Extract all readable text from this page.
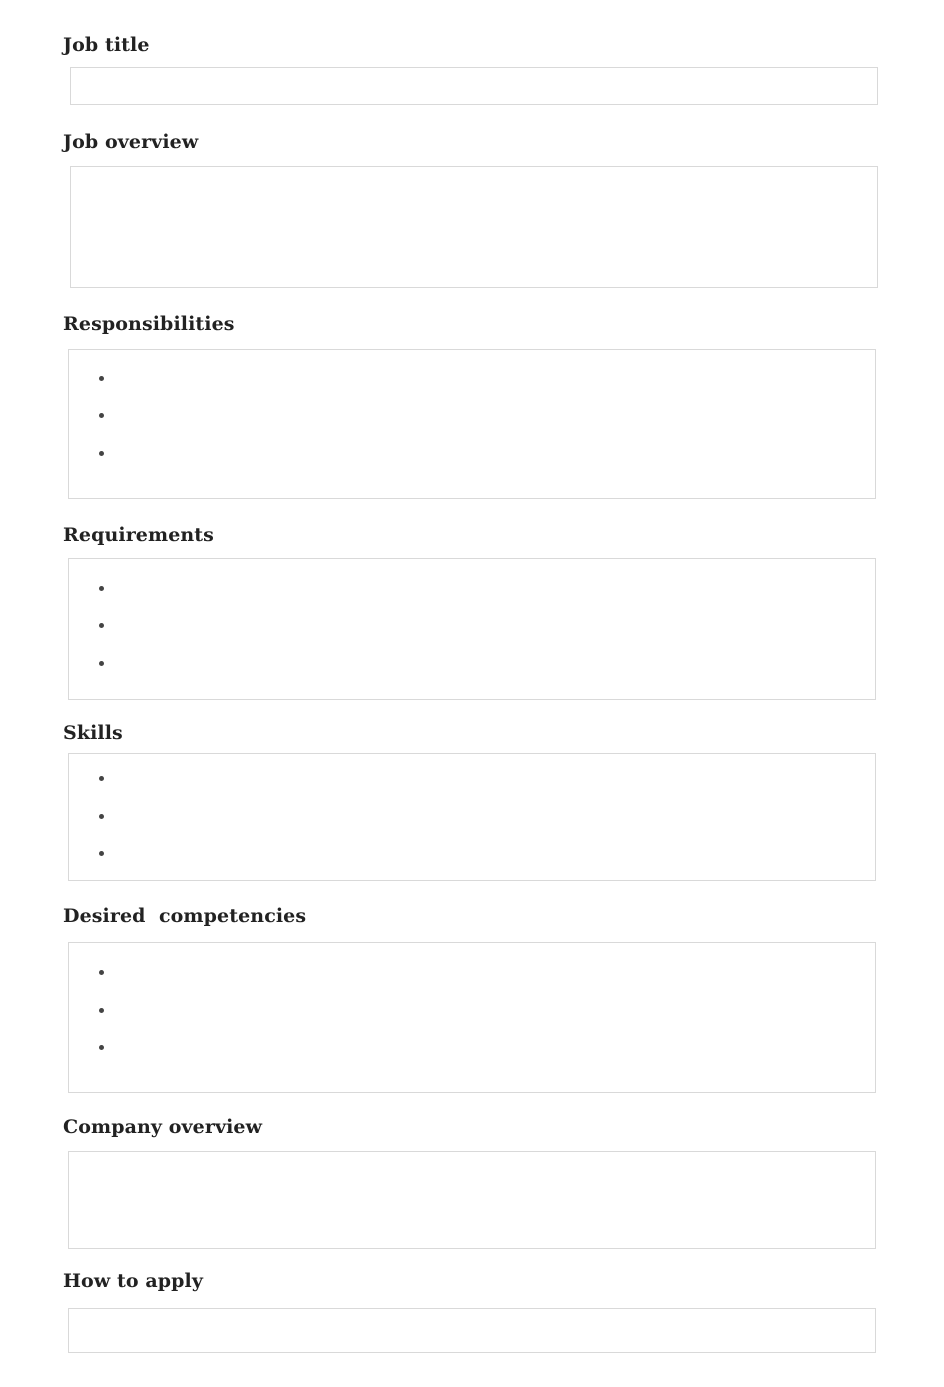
Job title
Job overview
Responsibilities
Requirements
Skills
Desired  competencies
Company overview
How to apply
